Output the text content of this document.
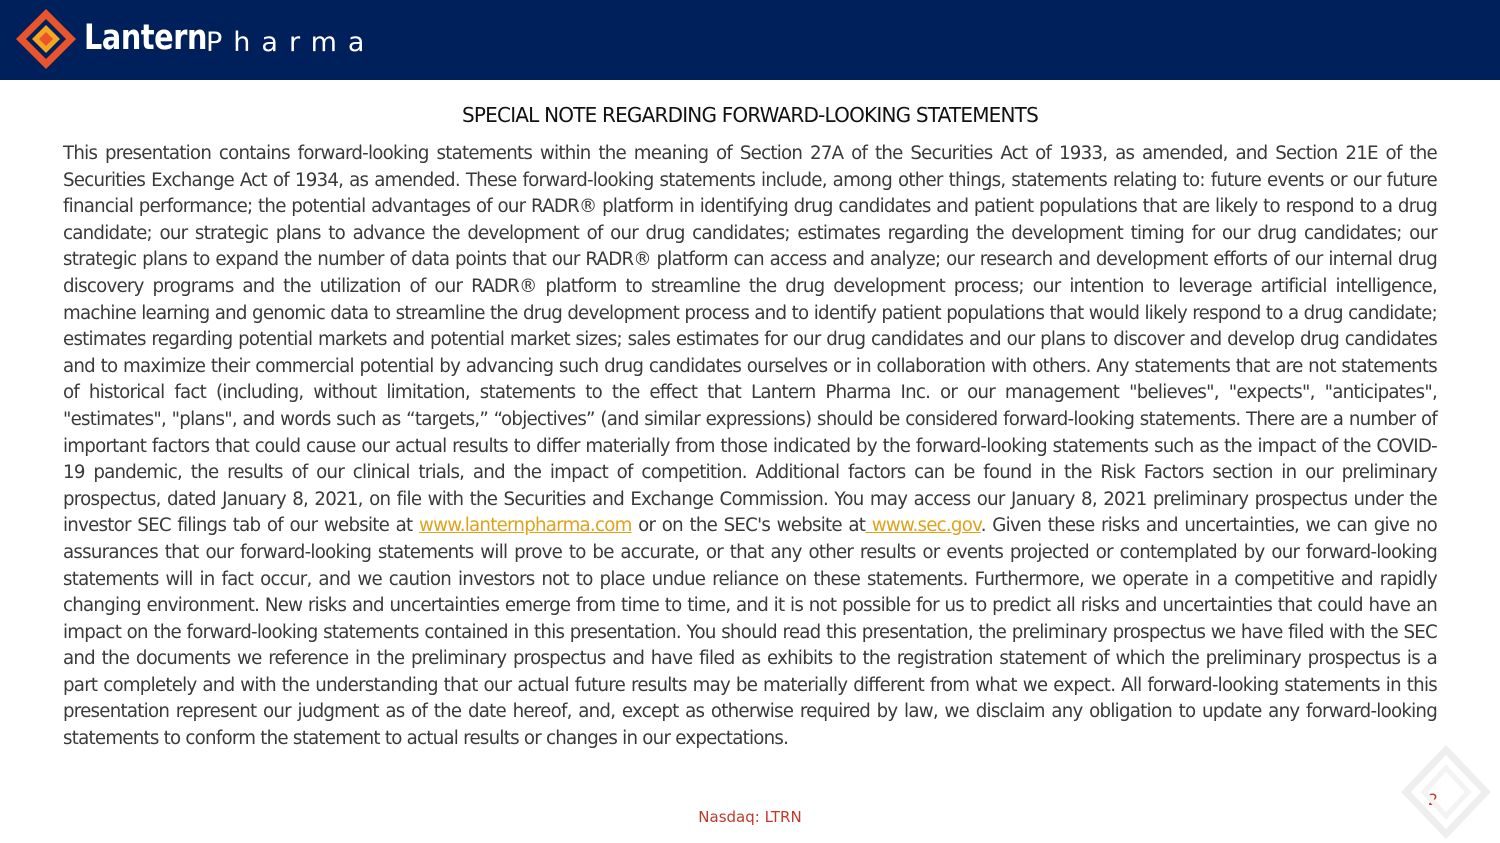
Lantern Pharma
SPECIAL NOTE REGARDING FORWARD-LOOKING STATEMENTS

This presentation contains forward-looking statements within the meaning of Section 27A of the Securities Act of 1933, as amended, and Section 21E of the Securities Exchange Act of 1934, as amended. These forward-looking statements include, among other things, statements relating to: future events or our future financial performance; the potential advantages of our RADR® platform in identifying drug candidates and patient populations that are likely to respond to a drug candidate; our strategic plans to advance the development of our drug candidates; estimates regarding the development timing for our drug candidates; our strategic plans to expand the number of data points that our RADR® platform can access and analyze; our research and development efforts of our internal drug discovery programs and the utilization of our RADR® platform to streamline the drug development process; our intention to leverage artificial intelligence, machine learning and genomic data to streamline the drug development process and to identify patient populations that would likely respond to a drug candidate; estimates regarding potential markets and potential market sizes; sales estimates for our drug candidates and our plans to discover and develop drug candidates and to maximize their commercial potential by advancing such drug candidates ourselves or in collaboration with others. Any statements that are not statements of historical fact (including, without limitation, statements to the effect that Lantern Pharma Inc. or our management "believes", "expects", "anticipates", "estimates", "plans", and words such as “targets,” “objectives” (and similar expressions) should be considered forward-looking statements. There are a number of important factors that could cause our actual results to differ materially from those indicated by the forward-looking statements such as the impact of the COVID-19 pandemic, the results of our clinical trials, and the impact of competition. Additional factors can be found in the Risk Factors section in our preliminary prospectus, dated January 8, 2021, on file with the Securities and Exchange Commission. You may access our January 8, 2021 preliminary prospectus under the investor SEC filings tab of our website at www.lanternpharma.com or on the SEC's website at www.sec.gov. Given these risks and uncertainties, we can give no assurances that our forward-looking statements will prove to be accurate, or that any other results or events projected or contemplated by our forward-looking statements will in fact occur, and we caution investors not to place undue reliance on these statements. Furthermore, we operate in a competitive and rapidly changing environment. New risks and uncertainties emerge from time to time, and it is not possible for us to predict all risks and uncertainties that could have an impact on the forward-looking statements contained in this presentation. You should read this presentation, the preliminary prospectus we have filed with the SEC and the documents we reference in the preliminary prospectus and have filed as exhibits to the registration statement of which the preliminary prospectus is a part completely and with the understanding that our actual future results may be materially different from what we expect. All forward-looking statements in this presentation represent our judgment as of the date hereof, and, except as otherwise required by law, we disclaim any obligation to update any forward-looking statements to conform the statement to actual results or changes in our expectations.

2
Nasdaq: LTRN
